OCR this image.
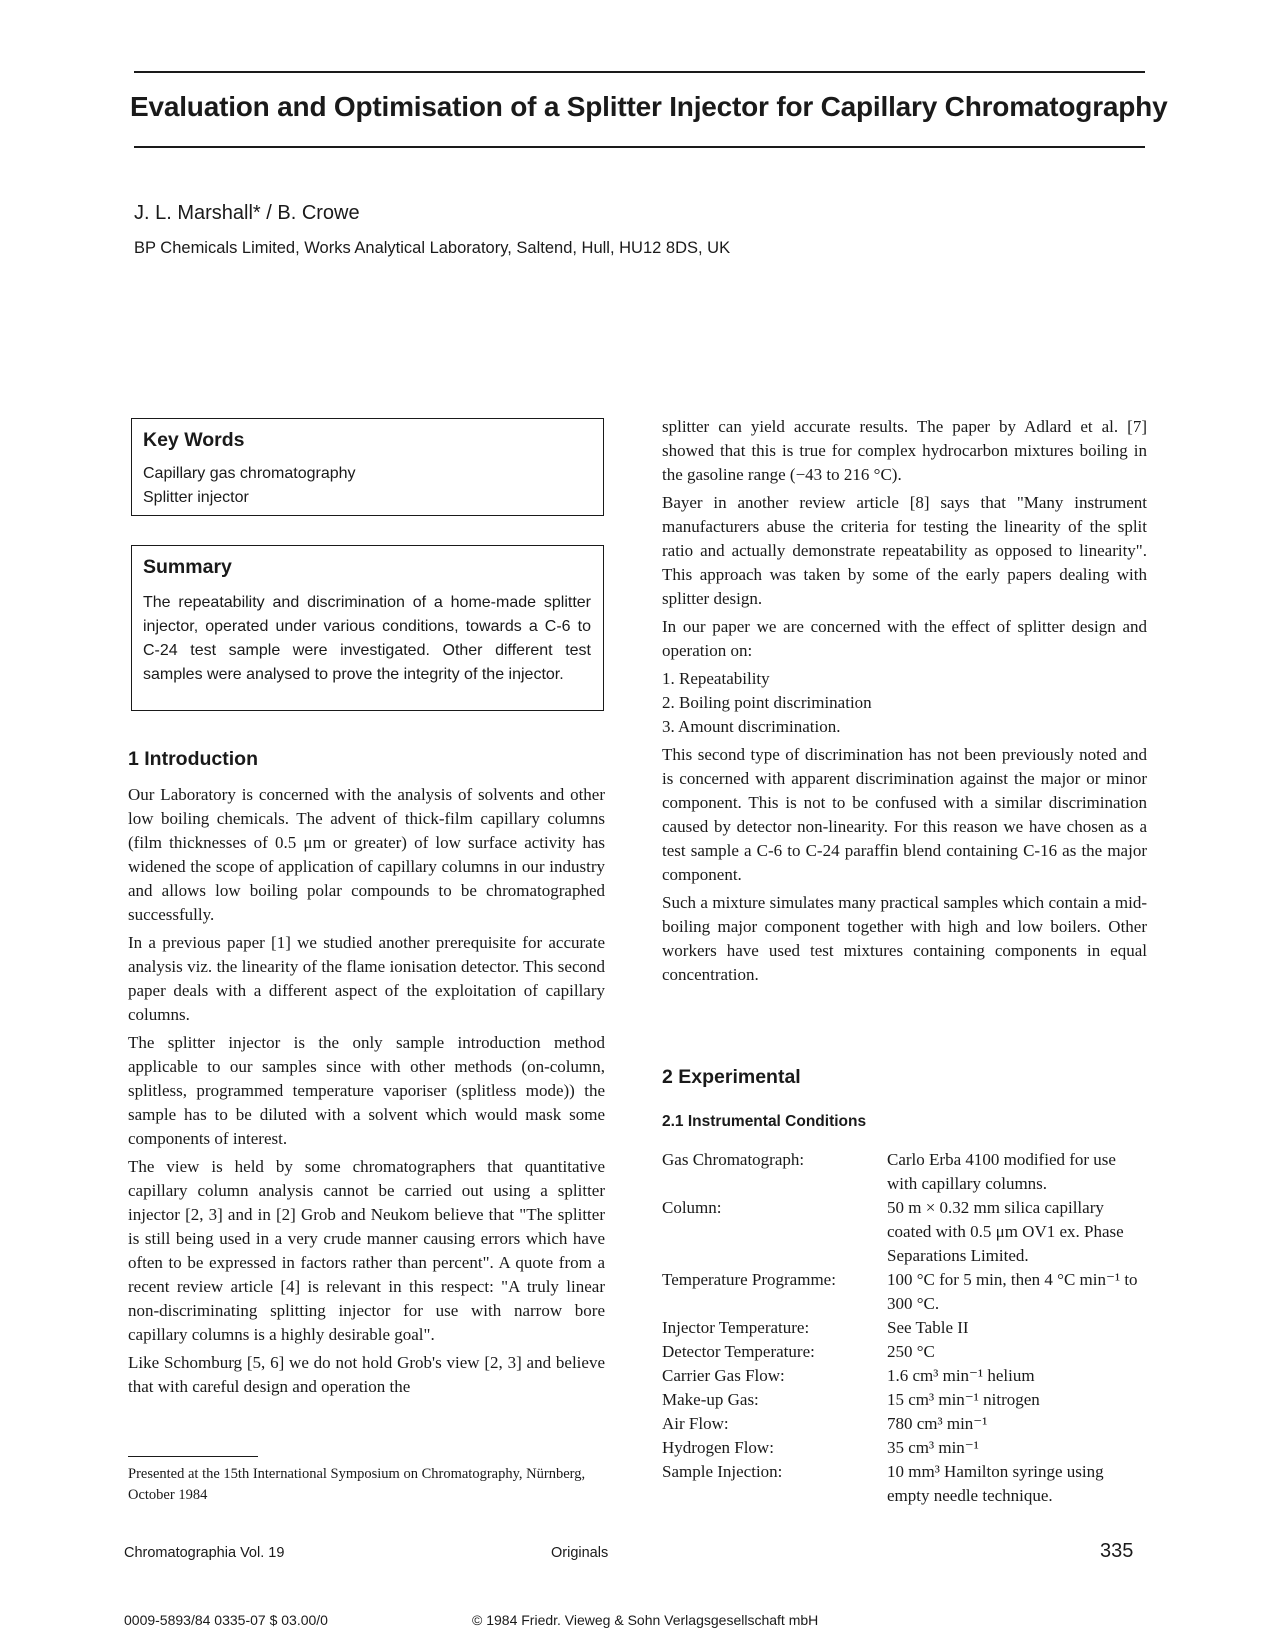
Evaluation and Optimisation of a Splitter Injector for Capillary Chromatography
J. L. Marshall* / B. Crowe
BP Chemicals Limited, Works Analytical Laboratory, Saltend, Hull, HU12 8DS, UK
Key Words
Capillary gas chromatography
Splitter injector
Summary
The repeatability and discrimination of a home-made splitter injector, operated under various conditions, towards a C-6 to C-24 test sample were investigated. Other different test samples were analysed to prove the integrity of the injector.
1 Introduction

Our Laboratory is concerned with the analysis of solvents and other low boiling chemicals. The advent of thick-film capillary columns (film thicknesses of 0.5 μm or greater) of low surface activity has widened the scope of application of capillary columns in our industry and allows low boiling polar compounds to be chromatographed successfully.

In a previous paper [1] we studied another prerequisite for accurate analysis viz. the linearity of the flame ionisation detector. This second paper deals with a different aspect of the exploitation of capillary columns.

The splitter injector is the only sample introduction method applicable to our samples since with other methods (on-column, splitless, programmed temperature vaporiser (splitless mode)) the sample has to be diluted with a solvent which would mask some components of interest.

The view is held by some chromatographers that quantitative capillary column analysis cannot be carried out using a splitter injector [2, 3] and in [2] Grob and Neukom believe that "The splitter is still being used in a very crude manner causing errors which have often to be expressed in factors rather than percent". A quote from a recent review article [4] is relevant in this respect: "A truly linear non-discriminating splitting injector for use with narrow bore capillary columns is a highly desirable goal".

Like Schomburg [5, 6] we do not hold Grob's view [2, 3] and believe that with careful design and operation the

Presented at the 15th International Symposium on Chromatography, Nürnberg, October 1984

splitter can yield accurate results. The paper by Adlard et al. [7] showed that this is true for complex hydrocarbon mixtures boiling in the gasoline range (−43 to 216 °C).

Bayer in another review article [8] says that "Many instrument manufacturers abuse the criteria for testing the linearity of the split ratio and actually demonstrate repeatability as opposed to linearity". This approach was taken by some of the early papers dealing with splitter design.

In our paper we are concerned with the effect of splitter design and operation on:

1. Repeatability
2. Boiling point discrimination
3. Amount discrimination.

This second type of discrimination has not been previously noted and is concerned with apparent discrimination against the major or minor component. This is not to be confused with a similar discrimination caused by detector non-linearity. For this reason we have chosen as a test sample a C-6 to C-24 paraffin blend containing C-16 as the major component.

Such a mixture simulates many practical samples which contain a mid-boiling major component together with high and low boilers. Other workers have used test mixtures containing components in equal concentration.

2 Experimental
2.1 Instrumental Conditions
Gas Chromatograph:	Carlo Erba 4100 modified for use with capillary columns.
Column:	50 m × 0.32 mm silica capillary coated with 0.5 μm OV1 ex. Phase Separations Limited.
Temperature Programme:	100 °C for 5 min, then 4 °C min⁻¹ to 300 °C.
Injector Temperature:	See Table II
Detector Temperature:	250 °C
Carrier Gas Flow:	1.6 cm³ min⁻¹ helium
Make-up Gas:	15 cm³ min⁻¹ nitrogen
Air Flow:	780 cm³ min⁻¹
Hydrogen Flow:	35 cm³ min⁻¹
Sample Injection:	10 mm³ Hamilton syringe using empty needle technique.
Chromatographia Vol. 19	Originals	335
0009-5893/84 0335-07 $ 03.00/0	© 1984 Friedr. Vieweg & Sohn Verlagsgesellschaft mbH
